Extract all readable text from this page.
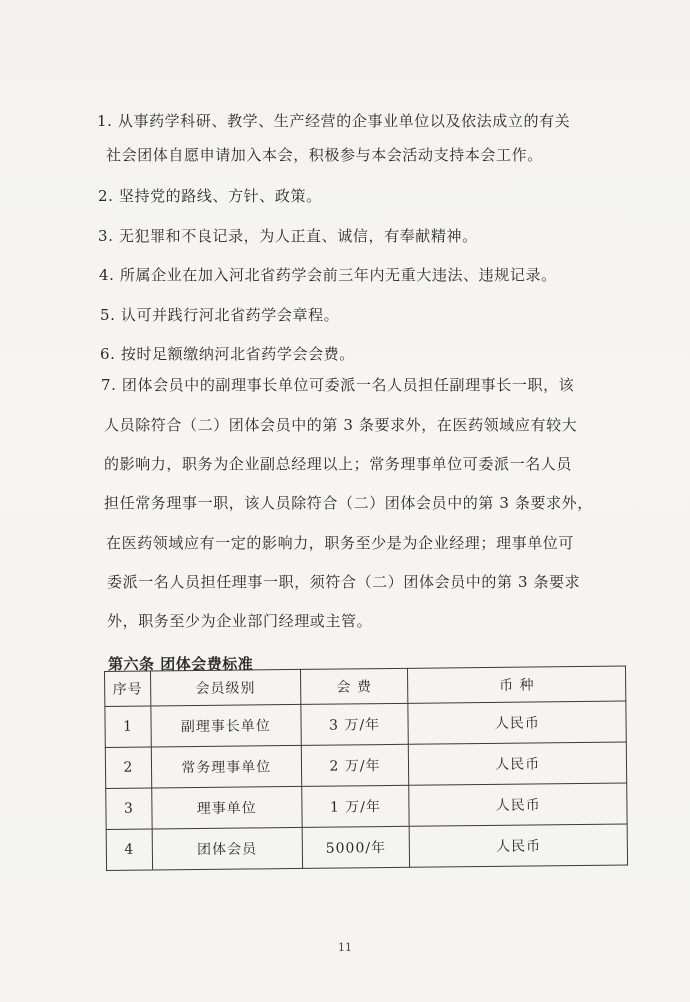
1. 从事药学科研、教学、生产经营的企事业单位以及依法成立的有关
社会团体自愿申请加入本会，积极参与本会活动支持本会工作。
2. 坚持党的路线、方针、政策。
3. 无犯罪和不良记录，为人正直、诚信，有奉献精神。
4. 所属企业在加入河北省药学会前三年内无重大违法、违规记录。
5. 认可并践行河北省药学会章程。
6. 按时足额缴纳河北省药学会会费。
7. 团体会员中的副理事长单位可委派一名人员担任副理事长一职，该
人员除符合（二）团体会员中的第 3 条要求外，在医药领域应有较大
的影响力，职务为企业副总经理以上；常务理事单位可委派一名人员
担任常务理事一职，该人员除符合（二）团体会员中的第 3 条要求外，
在医药领域应有一定的影响力，职务至少是为企业经理；理事单位可
委派一名人员担任理事一职，须符合（二）团体会员中的第 3 条要求
外，职务至少为企业部门经理或主管。
第六条 团体会费标准
序号	会员级别	会 费	币 种
1	副理事长单位	3 万/年	人民币
2	常务理事单位	2 万/年	人民币
3	理事单位	1 万/年	人民币
4	团体会员	5000/年	人民币
11
